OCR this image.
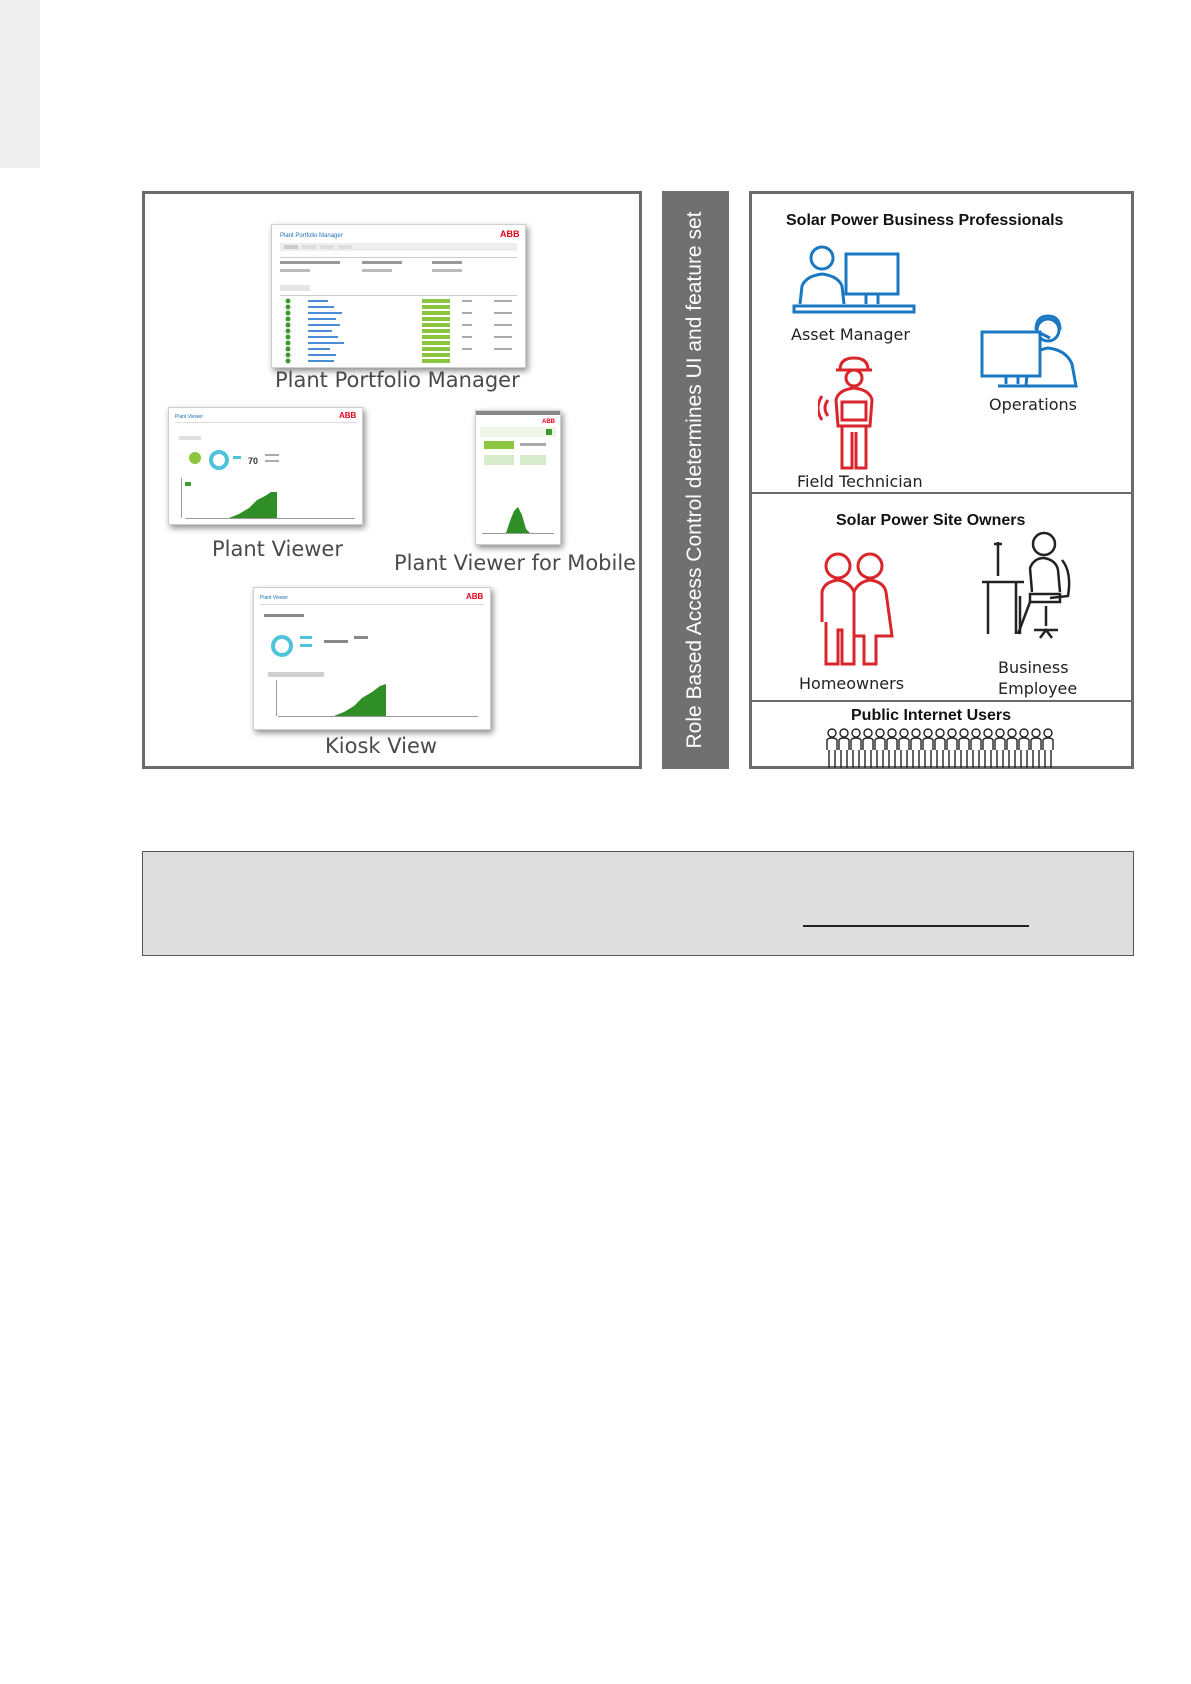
Plant Portfolio Manager	ABB
Plant Portfolio Manager
Plant Viewer	ABB
70
Plant Viewer
ABB
Plant Viewer for Mobile
Plant Viewer	ABB
Kiosk View	Role Based Access Control determines UI and feature set	Solar Power Business Professionals
Asset Manager
Operations
Field Technician
Solar Power Site Owners
Homeowners
Business Employee
Public Internet Users
